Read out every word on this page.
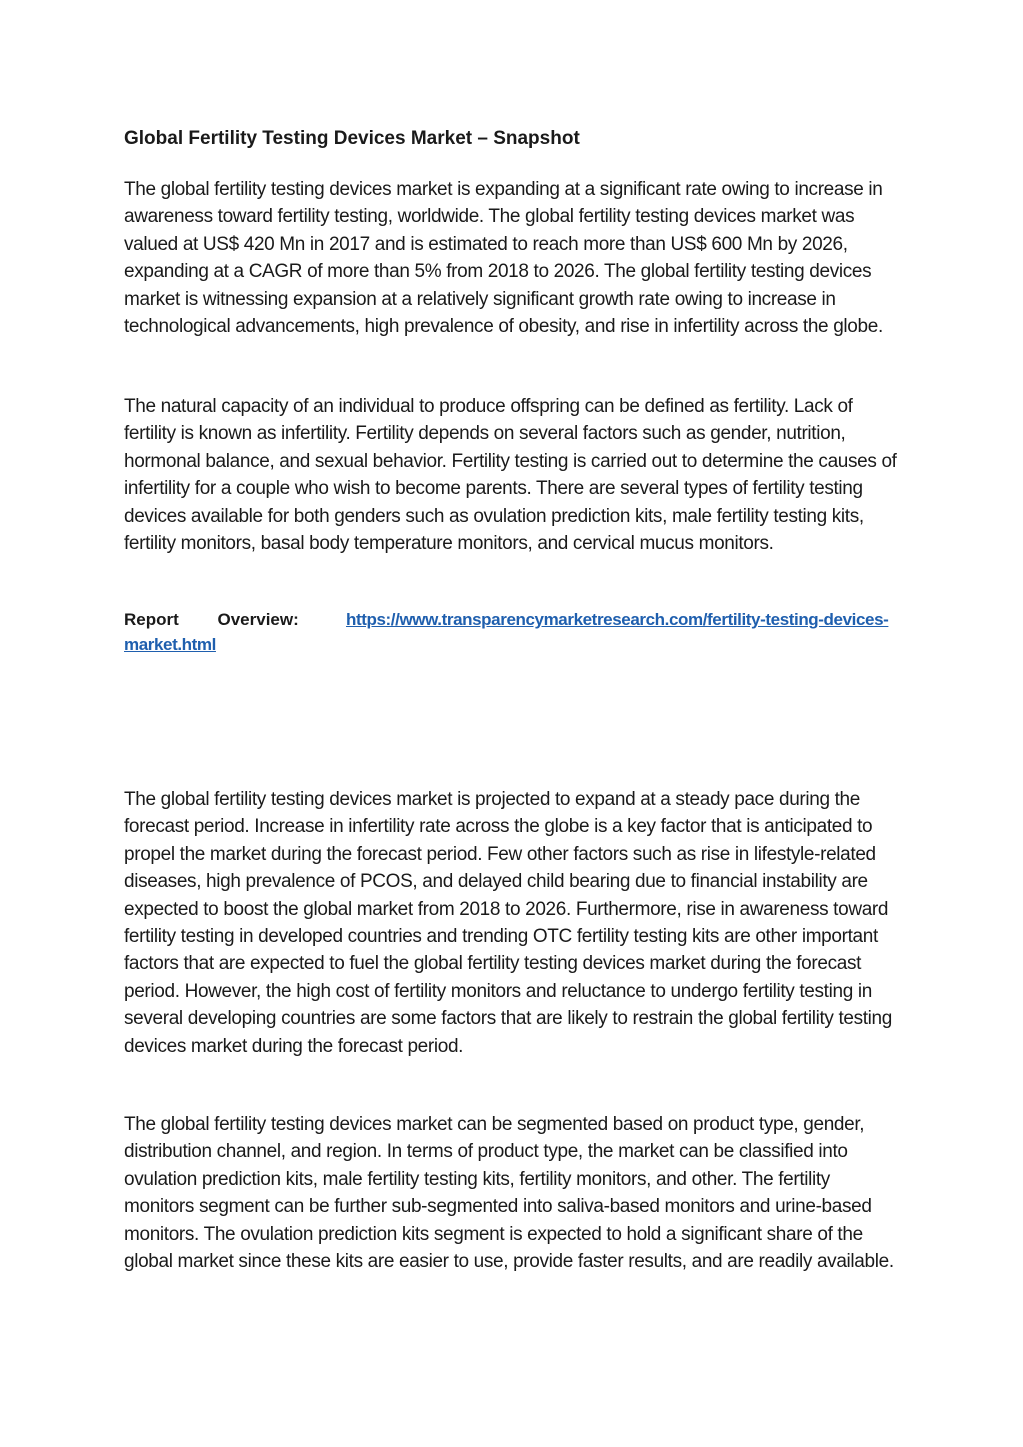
Global Fertility Testing Devices Market – Snapshot

The global fertility testing devices market is expanding at a significant rate owing to increase in awareness toward fertility testing, worldwide. The global fertility testing devices market was valued at US$ 420 Mn in 2017 and is estimated to reach more than US$ 600 Mn by 2026, expanding at a CAGR of more than 5% from 2018 to 2026. The global fertility testing devices market is witnessing expansion at a relatively significant growth rate owing to increase in technological advancements, high prevalence of obesity, and rise in infertility across the globe.

The natural capacity of an individual to produce offspring can be defined as fertility. Lack of fertility is known as infertility. Fertility depends on several factors such as gender, nutrition, hormonal balance, and sexual behavior. Fertility testing is carried out to determine the causes of infertility for a couple who wish to become parents. There are several types of fertility testing devices available for both genders such as ovulation prediction kits, male fertility testing kits, fertility monitors, basal body temperature monitors, and cervical mucus monitors.

Report Overview:	https://www.transparencymarketresearch.com/fertility-testing-devices-market.html

The global fertility testing devices market is projected to expand at a steady pace during the forecast period. Increase in infertility rate across the globe is a key factor that is anticipated to propel the market during the forecast period. Few other factors such as rise in lifestyle-related diseases, high prevalence of PCOS, and delayed child bearing due to financial instability are expected to boost the global market from 2018 to 2026. Furthermore, rise in awareness toward fertility testing in developed countries and trending OTC fertility testing kits are other important factors that are expected to fuel the global fertility testing devices market during the forecast period. However, the high cost of fertility monitors and reluctance to undergo fertility testing in several developing countries are some factors that are likely to restrain the global fertility testing devices market during the forecast period.

The global fertility testing devices market can be segmented based on product type, gender, distribution channel, and region. In terms of product type, the market can be classified into ovulation prediction kits, male fertility testing kits, fertility monitors, and other. The fertility monitors segment can be further sub-segmented into saliva-based monitors and urine-based monitors. The ovulation prediction kits segment is expected to hold a significant share of the global market since these kits are easier to use, provide faster results, and are readily available.
